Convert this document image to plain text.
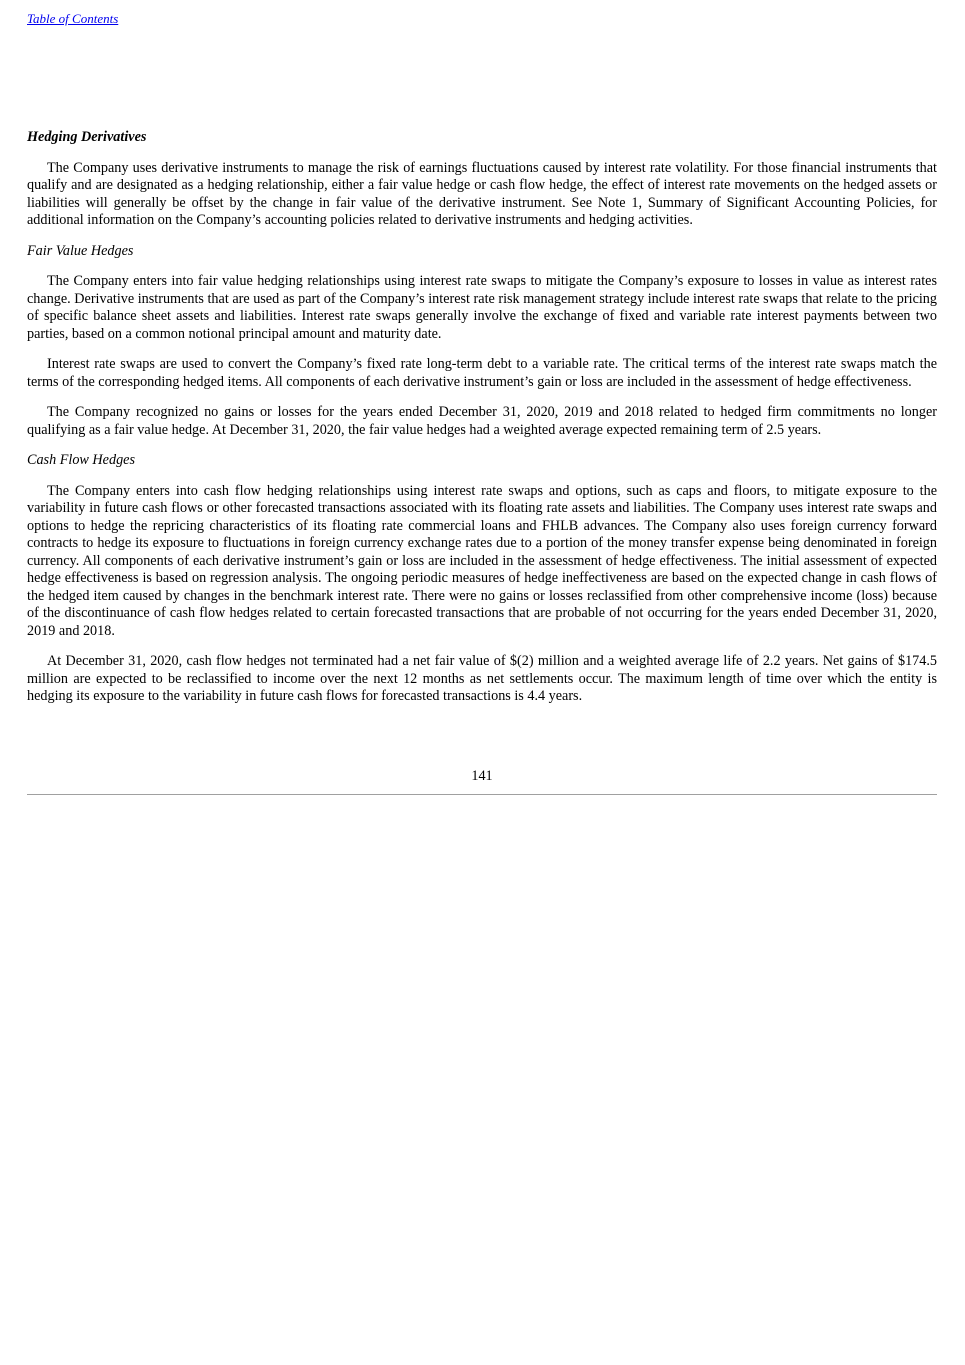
Table of Contents
Hedging Derivatives

The Company uses derivative instruments to manage the risk of earnings fluctuations caused by interest rate volatility. For those financial instruments that qualify and are designated as a hedging relationship, either a fair value hedge or cash flow hedge, the effect of interest rate movements on the hedged assets or liabilities will generally be offset by the change in fair value of the derivative instrument. See Note 1, Summary of Significant Accounting Policies, for additional information on the Company’s accounting policies related to derivative instruments and hedging activities.

Fair Value Hedges

The Company enters into fair value hedging relationships using interest rate swaps to mitigate the Company’s exposure to losses in value as interest rates change. Derivative instruments that are used as part of the Company’s interest rate risk management strategy include interest rate swaps that relate to the pricing of specific balance sheet assets and liabilities. Interest rate swaps generally involve the exchange of fixed and variable rate interest payments between two parties, based on a common notional principal amount and maturity date.

Interest rate swaps are used to convert the Company’s fixed rate long-term debt to a variable rate. The critical terms of the interest rate swaps match the terms of the corresponding hedged items. All components of each derivative instrument’s gain or loss are included in the assessment of hedge effectiveness.

The Company recognized no gains or losses for the years ended December 31, 2020, 2019 and 2018 related to hedged firm commitments no longer qualifying as a fair value hedge. At December 31, 2020, the fair value hedges had a weighted average expected remaining term of 2.5 years.

Cash Flow Hedges

The Company enters into cash flow hedging relationships using interest rate swaps and options, such as caps and floors, to mitigate exposure to the variability in future cash flows or other forecasted transactions associated with its floating rate assets and liabilities. The Company uses interest rate swaps and options to hedge the repricing characteristics of its floating rate commercial loans and FHLB advances. The Company also uses foreign currency forward contracts to hedge its exposure to fluctuations in foreign currency exchange rates due to a portion of the money transfer expense being denominated in foreign currency. All components of each derivative instrument’s gain or loss are included in the assessment of hedge effectiveness. The initial assessment of expected hedge effectiveness is based on regression analysis. The ongoing periodic measures of hedge ineffectiveness are based on the expected change in cash flows of the hedged item caused by changes in the benchmark interest rate. There were no gains or losses reclassified from other comprehensive income (loss) because of the discontinuance of cash flow hedges related to certain forecasted transactions that are probable of not occurring for the years ended December 31, 2020, 2019 and 2018.

At December 31, 2020, cash flow hedges not terminated had a net fair value of $(2) million and a weighted average life of 2.2 years. Net gains of $174.5 million are expected to be reclassified to income over the next 12 months as net settlements occur. The maximum length of time over which the entity is hedging its exposure to the variability in future cash flows for forecasted transactions is 4.4 years.

141
